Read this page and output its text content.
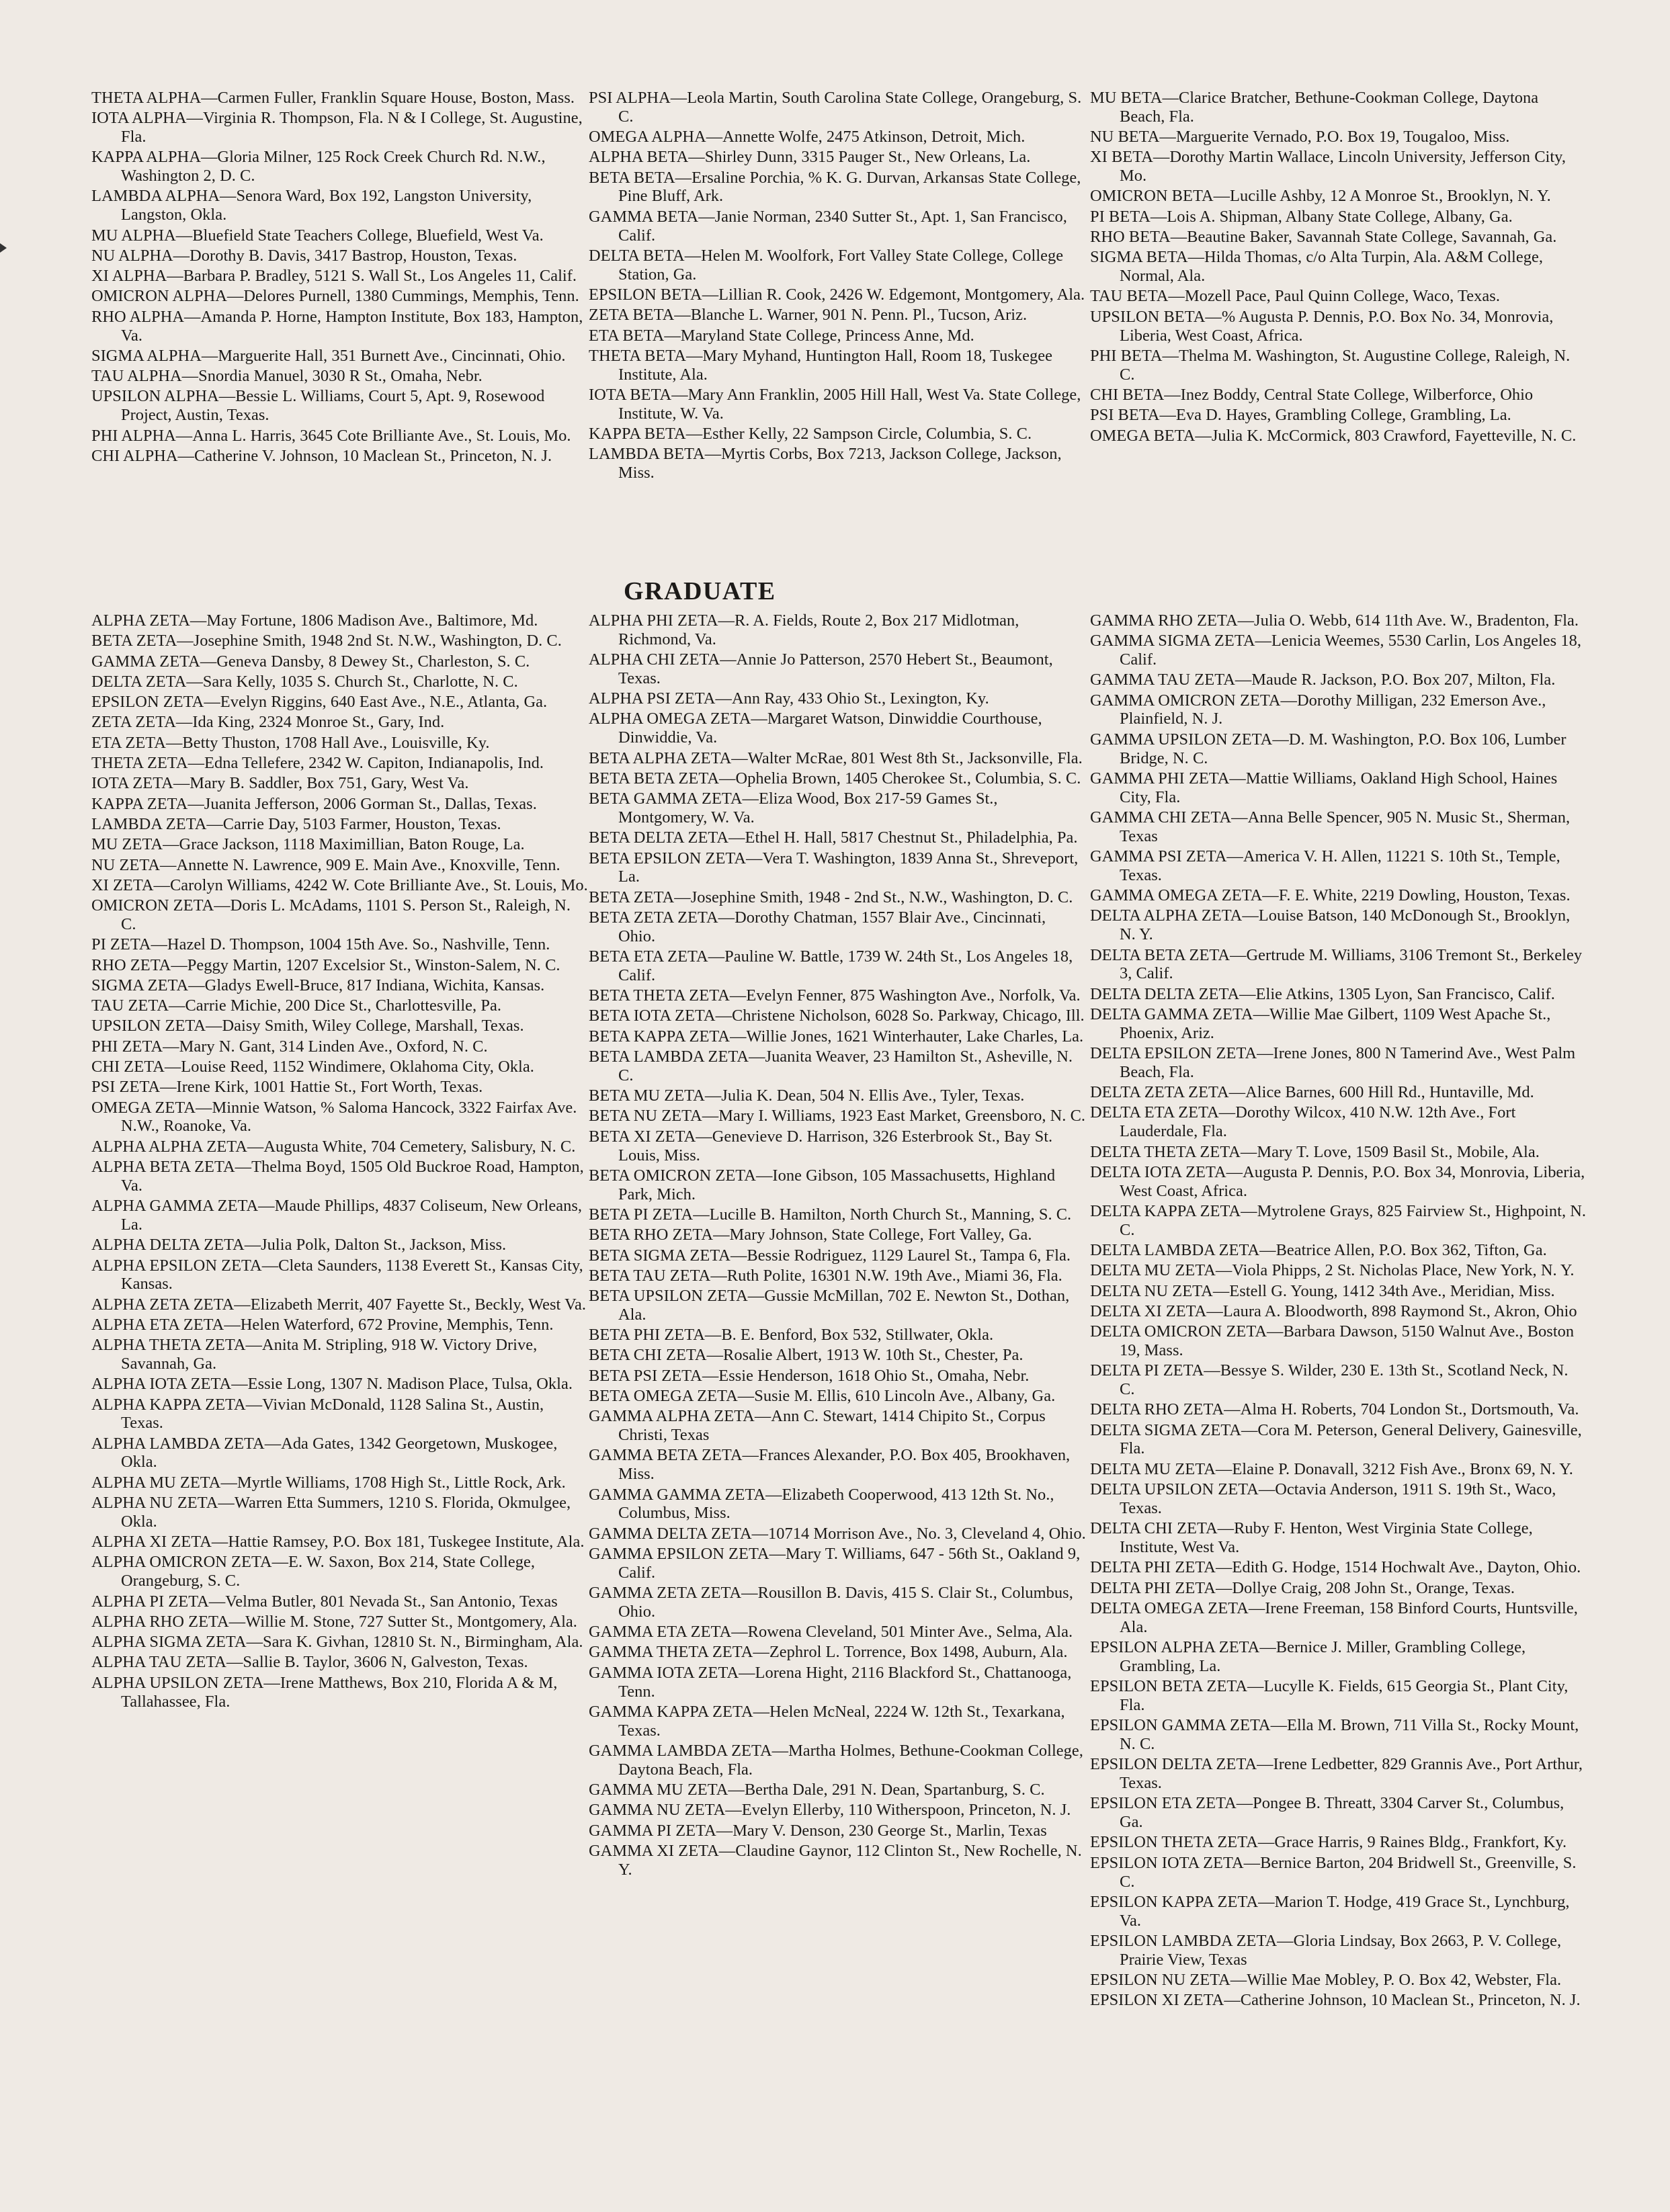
THETA ALPHA—Carmen Fuller, Franklin Square House, Boston, Mass.

IOTA ALPHA—Virginia R. Thompson, Fla. N & I College, St. Augustine, Fla.

KAPPA ALPHA—Gloria Milner, 125 Rock Creek Church Rd. N.W., Washington 2, D. C.

LAMBDA ALPHA—Senora Ward, Box 192, Langston University, Langston, Okla.

MU ALPHA—Bluefield State Teachers College, Bluefield, West Va.

NU ALPHA—Dorothy B. Davis, 3417 Bastrop, Houston, Texas.

XI ALPHA—Barbara P. Bradley, 5121 S. Wall St., Los Angeles 11, Calif.

OMICRON ALPHA—Delores Purnell, 1380 Cummings, Memphis, Tenn.

RHO ALPHA—Amanda P. Horne, Hampton Institute, Box 183, Hampton, Va.

SIGMA ALPHA—Marguerite Hall, 351 Burnett Ave., Cincinnati, Ohio.

TAU ALPHA—Snordia Manuel, 3030 R St., Omaha, Nebr.

UPSILON ALPHA—Bessie L. Williams, Court 5, Apt. 9, Rosewood Project, Austin, Texas.

PHI ALPHA—Anna L. Harris, 3645 Cote Brilliante Ave., St. Louis, Mo.

CHI ALPHA—Catherine V. Johnson, 10 Maclean St., Princeton, N. J.

PSI ALPHA—Leola Martin, South Carolina State College, Orangeburg, S. C.

OMEGA ALPHA—Annette Wolfe, 2475 Atkinson, Detroit, Mich.

ALPHA BETA—Shirley Dunn, 3315 Pauger St., New Orleans, La.

BETA BETA—Ersaline Porchia, % K. G. Durvan, Arkansas State College, Pine Bluff, Ark.

GAMMA BETA—Janie Norman, 2340 Sutter St., Apt. 1, San Francisco, Calif.

DELTA BETA—Helen M. Woolfork, Fort Valley State College, College Station, Ga.

EPSILON BETA—Lillian R. Cook, 2426 W. Edgemont, Montgomery, Ala.

ZETA BETA—Blanche L. Warner, 901 N. Penn. Pl., Tucson, Ariz.

ETA BETA—Maryland State College, Princess Anne, Md.

THETA BETA—Mary Myhand, Huntington Hall, Room 18, Tuskegee Institute, Ala.

IOTA BETA—Mary Ann Franklin, 2005 Hill Hall, West Va. State College, Institute, W. Va.

KAPPA BETA—Esther Kelly, 22 Sampson Circle, Columbia, S. C.

LAMBDA BETA—Myrtis Corbs, Box 7213, Jackson College, Jackson, Miss.

MU BETA—Clarice Bratcher, Bethune-Cookman College, Daytona Beach, Fla.

NU BETA—Marguerite Vernado, P.O. Box 19, Tougaloo, Miss.

XI BETA—Dorothy Martin Wallace, Lincoln University, Jefferson City, Mo.

OMICRON BETA—Lucille Ashby, 12 A Monroe St., Brooklyn, N. Y.

PI BETA—Lois A. Shipman, Albany State College, Albany, Ga.

RHO BETA—Beautine Baker, Savannah State College, Savannah, Ga.

SIGMA BETA—Hilda Thomas, c/o Alta Turpin, Ala. A&M College, Normal, Ala.

TAU BETA—Mozell Pace, Paul Quinn College, Waco, Texas.

UPSILON BETA—% Augusta P. Dennis, P.O. Box No. 34, Monrovia, Liberia, West Coast, Africa.

PHI BETA—Thelma M. Washington, St. Augustine College, Raleigh, N. C.

CHI BETA—Inez Boddy, Central State College, Wilberforce, Ohio

PSI BETA—Eva D. Hayes, Grambling College, Grambling, La.

OMEGA BETA—Julia K. McCormick, 803 Crawford, Fayetteville, N. C.

GRADUATE

ALPHA ZETA—May Fortune, 1806 Madison Ave., Baltimore, Md.

BETA ZETA—Josephine Smith, 1948 2nd St. N.W., Washington, D. C.

GAMMA ZETA—Geneva Dansby, 8 Dewey St., Charleston, S. C.

DELTA ZETA—Sara Kelly, 1035 S. Church St., Charlotte, N. C.

EPSILON ZETA—Evelyn Riggins, 640 East Ave., N.E., Atlanta, Ga.

ZETA ZETA—Ida King, 2324 Monroe St., Gary, Ind.

ETA ZETA—Betty Thuston, 1708 Hall Ave., Louisville, Ky.

THETA ZETA—Edna Tellefere, 2342 W. Capiton, Indianapolis, Ind.

IOTA ZETA—Mary B. Saddler, Box 751, Gary, West Va.

KAPPA ZETA—Juanita Jefferson, 2006 Gorman St., Dallas, Texas.

LAMBDA ZETA—Carrie Day, 5103 Farmer, Houston, Texas.

MU ZETA—Grace Jackson, 1118 Maximillian, Baton Rouge, La.

NU ZETA—Annette N. Lawrence, 909 E. Main Ave., Knoxville, Tenn.

XI ZETA—Carolyn Williams, 4242 W. Cote Brilliante Ave., St. Louis, Mo.

OMICRON ZETA—Doris L. McAdams, 1101 S. Person St., Raleigh, N. C.

PI ZETA—Hazel D. Thompson, 1004 15th Ave. So., Nashville, Tenn.

RHO ZETA—Peggy Martin, 1207 Excelsior St., Winston-Salem, N. C.

SIGMA ZETA—Gladys Ewell-Bruce, 817 Indiana, Wichita, Kansas.

TAU ZETA—Carrie Michie, 200 Dice St., Charlottesville, Pa.

UPSILON ZETA—Daisy Smith, Wiley College, Marshall, Texas.

PHI ZETA—Mary N. Gant, 314 Linden Ave., Oxford, N. C.

CHI ZETA—Louise Reed, 1152 Windimere, Oklahoma City, Okla.

PSI ZETA—Irene Kirk, 1001 Hattie St., Fort Worth, Texas.

OMEGA ZETA—Minnie Watson, % Saloma Hancock, 3322 Fairfax Ave. N.W., Roanoke, Va.

ALPHA ALPHA ZETA—Augusta White, 704 Cemetery, Salisbury, N. C.

ALPHA BETA ZETA—Thelma Boyd, 1505 Old Buckroe Road, Hampton, Va.

ALPHA GAMMA ZETA—Maude Phillips, 4837 Coliseum, New Orleans, La.

ALPHA DELTA ZETA—Julia Polk, Dalton St., Jackson, Miss.

ALPHA EPSILON ZETA—Cleta Saunders, 1138 Everett St., Kansas City, Kansas.

ALPHA ZETA ZETA—Elizabeth Merrit, 407 Fayette St., Beckly, West Va.

ALPHA ETA ZETA—Helen Waterford, 672 Provine, Memphis, Tenn.

ALPHA THETA ZETA—Anita M. Stripling, 918 W. Victory Drive, Savannah, Ga.

ALPHA IOTA ZETA—Essie Long, 1307 N. Madison Place, Tulsa, Okla.

ALPHA KAPPA ZETA—Vivian McDonald, 1128 Salina St., Austin, Texas.

ALPHA LAMBDA ZETA—Ada Gates, 1342 Georgetown, Muskogee, Okla.

ALPHA MU ZETA—Myrtle Williams, 1708 High St., Little Rock, Ark.

ALPHA NU ZETA—Warren Etta Summers, 1210 S. Florida, Okmulgee, Okla.

ALPHA XI ZETA—Hattie Ramsey, P.O. Box 181, Tuskegee Institute, Ala.

ALPHA OMICRON ZETA—E. W. Saxon, Box 214, State College, Orangeburg, S. C.

ALPHA PI ZETA—Velma Butler, 801 Nevada St., San Antonio, Texas

ALPHA RHO ZETA—Willie M. Stone, 727 Sutter St., Montgomery, Ala.

ALPHA SIGMA ZETA—Sara K. Givhan, 12810 St. N., Birmingham, Ala.

ALPHA TAU ZETA—Sallie B. Taylor, 3606 N, Galveston, Texas.

ALPHA UPSILON ZETA—Irene Matthews, Box 210, Florida A & M, Tallahassee, Fla.

ALPHA PHI ZETA—R. A. Fields, Route 2, Box 217 Midlotman, Richmond, Va.

ALPHA CHI ZETA—Annie Jo Patterson, 2570 Hebert St., Beaumont, Texas.

ALPHA PSI ZETA—Ann Ray, 433 Ohio St., Lexington, Ky.

ALPHA OMEGA ZETA—Margaret Watson, Dinwiddie Courthouse, Dinwiddie, Va.

BETA ALPHA ZETA—Walter McRae, 801 West 8th St., Jacksonville, Fla.

BETA BETA ZETA—Ophelia Brown, 1405 Cherokee St., Columbia, S. C.

BETA GAMMA ZETA—Eliza Wood, Box 217-59 Games St., Montgomery, W. Va.

BETA DELTA ZETA—Ethel H. Hall, 5817 Chestnut St., Philadelphia, Pa.

BETA EPSILON ZETA—Vera T. Washington, 1839 Anna St., Shreveport, La.

BETA ZETA—Josephine Smith, 1948 - 2nd St., N.W., Washington, D. C.

BETA ZETA ZETA—Dorothy Chatman, 1557 Blair Ave., Cincinnati, Ohio.

BETA ETA ZETA—Pauline W. Battle, 1739 W. 24th St., Los Angeles 18, Calif.

BETA THETA ZETA—Evelyn Fenner, 875 Washington Ave., Norfolk, Va.

BETA IOTA ZETA—Christene Nicholson, 6028 So. Parkway, Chicago, Ill.

BETA KAPPA ZETA—Willie Jones, 1621 Winterhauter, Lake Charles, La.

BETA LAMBDA ZETA—Juanita Weaver, 23 Hamilton St., Asheville, N. C.

BETA MU ZETA—Julia K. Dean, 504 N. Ellis Ave., Tyler, Texas.

BETA NU ZETA—Mary I. Williams, 1923 East Market, Greensboro, N. C.

BETA XI ZETA—Genevieve D. Harrison, 326 Esterbrook St., Bay St. Louis, Miss.

BETA OMICRON ZETA—Ione Gibson, 105 Massachusetts, Highland Park, Mich.

BETA PI ZETA—Lucille B. Hamilton, North Church St., Manning, S. C.

BETA RHO ZETA—Mary Johnson, State College, Fort Valley, Ga.

BETA SIGMA ZETA—Bessie Rodriguez, 1129 Laurel St., Tampa 6, Fla.

BETA TAU ZETA—Ruth Polite, 16301 N.W. 19th Ave., Miami 36, Fla.

BETA UPSILON ZETA—Gussie McMillan, 702 E. Newton St., Dothan, Ala.

BETA PHI ZETA—B. E. Benford, Box 532, Stillwater, Okla.

BETA CHI ZETA—Rosalie Albert, 1913 W. 10th St., Chester, Pa.

BETA PSI ZETA—Essie Henderson, 1618 Ohio St., Omaha, Nebr.

BETA OMEGA ZETA—Susie M. Ellis, 610 Lincoln Ave., Albany, Ga.

GAMMA ALPHA ZETA—Ann C. Stewart, 1414 Chipito St., Corpus Christi, Texas

GAMMA BETA ZETA—Frances Alexander, P.O. Box 405, Brookhaven, Miss.

GAMMA GAMMA ZETA—Elizabeth Cooperwood, 413 12th St. No., Columbus, Miss.

GAMMA DELTA ZETA—10714 Morrison Ave., No. 3, Cleveland 4, Ohio.

GAMMA EPSILON ZETA—Mary T. Williams, 647 - 56th St., Oakland 9, Calif.

GAMMA ZETA ZETA—Rousillon B. Davis, 415 S. Clair St., Columbus, Ohio.

GAMMA ETA ZETA—Rowena Cleveland, 501 Minter Ave., Selma, Ala.

GAMMA THETA ZETA—Zephrol L. Torrence, Box 1498, Auburn, Ala.

GAMMA IOTA ZETA—Lorena Hight, 2116 Blackford St., Chattanooga, Tenn.

GAMMA KAPPA ZETA—Helen McNeal, 2224 W. 12th St., Texarkana, Texas.

GAMMA LAMBDA ZETA—Martha Holmes, Bethune-Cookman College, Daytona Beach, Fla.

GAMMA MU ZETA—Bertha Dale, 291 N. Dean, Spartanburg, S. C.

GAMMA NU ZETA—Evelyn Ellerby, 110 Witherspoon, Princeton, N. J.

GAMMA PI ZETA—Mary V. Denson, 230 George St., Marlin, Texas

GAMMA XI ZETA—Claudine Gaynor, 112 Clinton St., New Rochelle, N. Y.

GAMMA RHO ZETA—Julia O. Webb, 614 11th Ave. W., Bradenton, Fla.

GAMMA SIGMA ZETA—Lenicia Weemes, 5530 Carlin, Los Angeles 18, Calif.

GAMMA TAU ZETA—Maude R. Jackson, P.O. Box 207, Milton, Fla.

GAMMA OMICRON ZETA—Dorothy Milligan, 232 Emerson Ave., Plainfield, N. J.

GAMMA UPSILON ZETA—D. M. Washington, P.O. Box 106, Lumber Bridge, N. C.

GAMMA PHI ZETA—Mattie Williams, Oakland High School, Haines City, Fla.

GAMMA CHI ZETA—Anna Belle Spencer, 905 N. Music St., Sherman, Texas

GAMMA PSI ZETA—America V. H. Allen, 11221 S. 10th St., Temple, Texas.

GAMMA OMEGA ZETA—F. E. White, 2219 Dowling, Houston, Texas.

DELTA ALPHA ZETA—Louise Batson, 140 McDonough St., Brooklyn, N. Y.

DELTA BETA ZETA—Gertrude M. Williams, 3106 Tremont St., Berkeley 3, Calif.

DELTA DELTA ZETA—Elie Atkins, 1305 Lyon, San Francisco, Calif.

DELTA GAMMA ZETA—Willie Mae Gilbert, 1109 West Apache St., Phoenix, Ariz.

DELTA EPSILON ZETA—Irene Jones, 800 N Tamerind Ave., West Palm Beach, Fla.

DELTA ZETA ZETA—Alice Barnes, 600 Hill Rd., Huntaville, Md.

DELTA ETA ZETA—Dorothy Wilcox, 410 N.W. 12th Ave., Fort Lauderdale, Fla.

DELTA THETA ZETA—Mary T. Love, 1509 Basil St., Mobile, Ala.

DELTA IOTA ZETA—Augusta P. Dennis, P.O. Box 34, Monrovia, Liberia, West Coast, Africa.

DELTA KAPPA ZETA—Mytrolene Grays, 825 Fairview St., Highpoint, N. C.

DELTA LAMBDA ZETA—Beatrice Allen, P.O. Box 362, Tifton, Ga.

DELTA MU ZETA—Viola Phipps, 2 St. Nicholas Place, New York, N. Y.

DELTA NU ZETA—Estell G. Young, 1412 34th Ave., Meridian, Miss.

DELTA XI ZETA—Laura A. Bloodworth, 898 Raymond St., Akron, Ohio

DELTA OMICRON ZETA—Barbara Dawson, 5150 Walnut Ave., Boston 19, Mass.

DELTA PI ZETA—Bessye S. Wilder, 230 E. 13th St., Scotland Neck, N. C.

DELTA RHO ZETA—Alma H. Roberts, 704 London St., Dortsmouth, Va.

DELTA SIGMA ZETA—Cora M. Peterson, General Delivery, Gainesville, Fla.

DELTA MU ZETA—Elaine P. Donavall, 3212 Fish Ave., Bronx 69, N. Y.

DELTA UPSILON ZETA—Octavia Anderson, 1911 S. 19th St., Waco, Texas.

DELTA CHI ZETA—Ruby F. Henton, West Virginia State College, Institute, West Va.

DELTA PHI ZETA—Edith G. Hodge, 1514 Hochwalt Ave., Dayton, Ohio.

DELTA PHI ZETA—Dollye Craig, 208 John St., Orange, Texas.

DELTA OMEGA ZETA—Irene Freeman, 158 Binford Courts, Huntsville, Ala.

EPSILON ALPHA ZETA—Bernice J. Miller, Grambling College, Grambling, La.

EPSILON BETA ZETA—Lucylle K. Fields, 615 Georgia St., Plant City, Fla.

EPSILON GAMMA ZETA—Ella M. Brown, 711 Villa St., Rocky Mount, N. C.

EPSILON DELTA ZETA—Irene Ledbetter, 829 Grannis Ave., Port Arthur, Texas.

EPSILON ETA ZETA—Pongee B. Threatt, 3304 Carver St., Columbus, Ga.

EPSILON THETA ZETA—Grace Harris, 9 Raines Bldg., Frankfort, Ky.

EPSILON IOTA ZETA—Bernice Barton, 204 Bridwell St., Greenville, S. C.

EPSILON KAPPA ZETA—Marion T. Hodge, 419 Grace St., Lynchburg, Va.

EPSILON LAMBDA ZETA—Gloria Lindsay, Box 2663, P. V. College, Prairie View, Texas

EPSILON NU ZETA—Willie Mae Mobley, P. O. Box 42, Webster, Fla.

EPSILON XI ZETA—Catherine Johnson, 10 Maclean St., Princeton, N. J.
